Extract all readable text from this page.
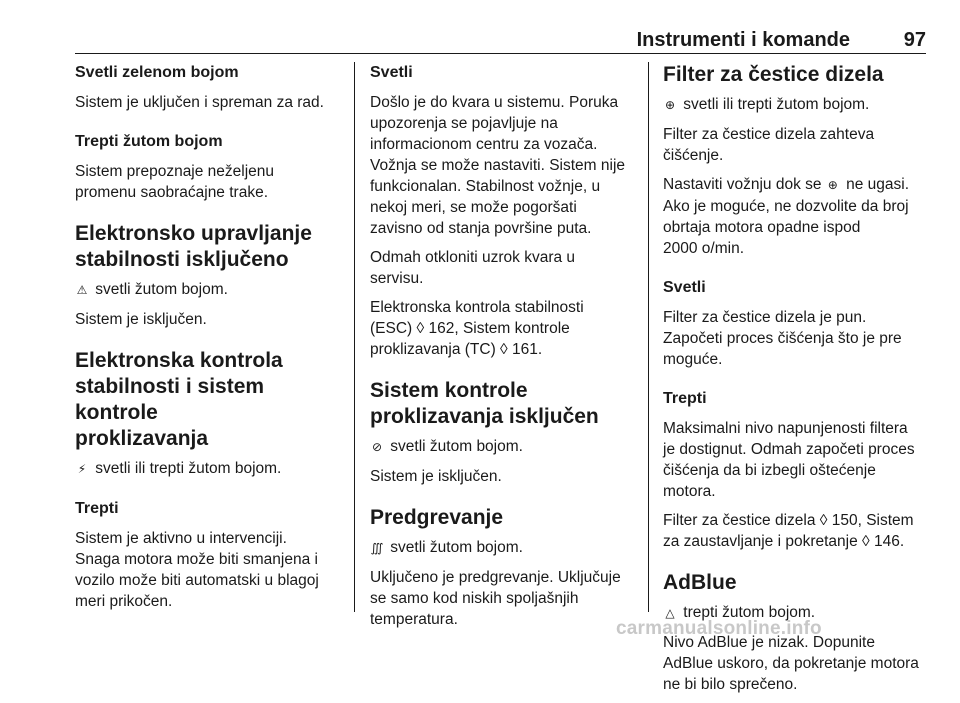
Instrumenti i komande	97
Svetli zelenom bojom

Sistem je uključen i spreman za rad.

Trepti žutom bojom

Sistem prepoznaje neželjenu
promenu saobraćajne trake.

Elektronsko upravljanje
stabilnosti isključeno

⚠ svetli žutom bojom.

Sistem je isključen.

Elektronska kontrola
stabilnosti i sistem kontrole
proklizavanja

⚡ svetli ili trepti žutom bojom.

Trepti

Sistem je aktivno u intervenciji.
Snaga motora može biti smanjena i
vozilo može biti automatski u blagoj
meri prikočen.

Svetli

Došlo je do kvara u sistemu. Poruka
upozorenja se pojavljuje na
informacionom centru za vozača.
Vožnja se može nastaviti. Sistem nije
funkcionalan. Stabilnost vožnje, u
nekoj meri, se može pogoršati
zavisno od stanja površine puta.

Odmah otkloniti uzrok kvara u
servisu.

Elektronska kontrola stabilnosti
(ESC) ◊ 162, Sistem kontrole
proklizavanja (TC) ◊ 161.

Sistem kontrole
proklizavanja isključen

⊘ svetli žutom bojom.

Sistem je isključen.

Predgrevanje

∭ svetli žutom bojom.

Uključeno je predgrevanje. Uključuje
se samo kod niskih spoljašnjih
temperatura.

Filter za čestice dizela

⊕ svetli ili trepti žutom bojom.

Filter za čestice dizela zahteva
čišćenje.

Nastaviti vožnju dok se ⊕ ne ugasi.
Ako je moguće, ne dozvolite da broj
obrtaja motora opadne ispod
2000 o/min.

Svetli

Filter za čestice dizela je pun.
Započeti proces čišćenja što je pre
moguće.

Trepti

Maksimalni nivo napunjenosti filtera
je dostignut. Odmah započeti proces
čišćenja da bi izbegli oštećenje
motora.

Filter za čestice dizela ◊ 150, Sistem
za zaustavljanje i pokretanje ◊ 146.

AdBlue

△ trepti žutom bojom.

Nivo AdBlue je nizak. Dopunite
AdBlue uskoro, da pokretanje motora
ne bi bilo sprečeno.

carmanualsonline.info
